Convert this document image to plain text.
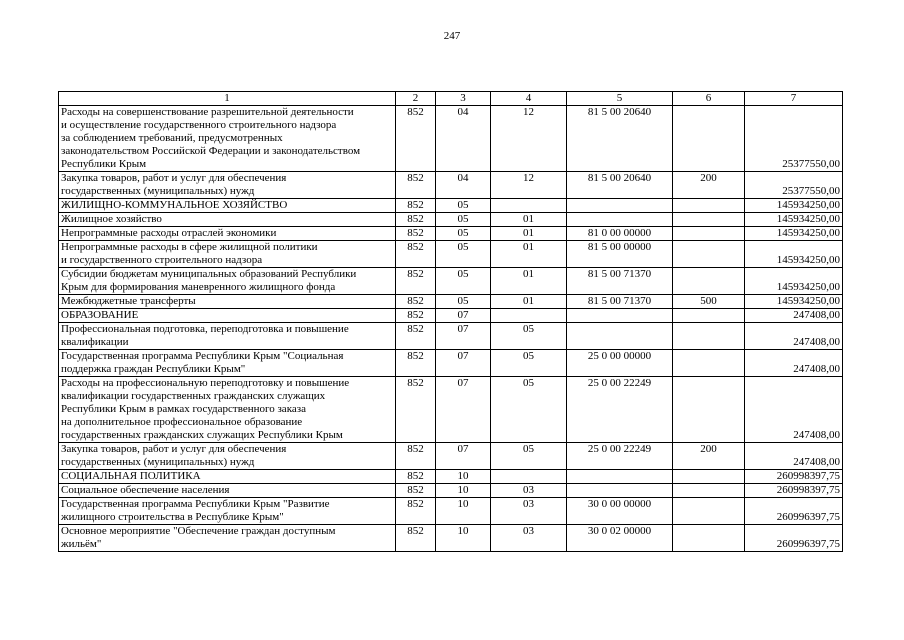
247
1	2	3	4	5	6	7
Расходы на совершенствование разрешительной деятельности
и осуществление государственного строительного надзора
за соблюдением требований, предусмотренных
законодательством Российской Федерации и законодательством
Республики Крым	852	04	12	81 5 00 20640		25377550,00
Закупка товаров, работ и услуг для обеспечения
государственных (муниципальных) нужд	852	04	12	81 5 00 20640	200	25377550,00
ЖИЛИЩНО-КОММУНАЛЬНОЕ ХОЗЯЙСТВО	852	05				145934250,00
Жилищное хозяйство	852	05	01			145934250,00
Непрограммные расходы отраслей экономики	852	05	01	81 0 00 00000		145934250,00
Непрограммные расходы в сфере жилищной политики
и государственного строительного надзора	852	05	01	81 5 00 00000		145934250,00
Субсидии бюджетам муниципальных образований Республики
Крым для формирования маневренного жилищного фонда	852	05	01	81 5 00 71370		145934250,00
Межбюджетные трансферты	852	05	01	81 5 00 71370	500	145934250,00
ОБРАЗОВАНИЕ	852	07				247408,00
Профессиональная подготовка, переподготовка и повышение
квалификации	852	07	05			247408,00
Государственная программа Республики Крым "Социальная
поддержка граждан Республики Крым"	852	07	05	25 0 00 00000		247408,00
Расходы на профессиональную переподготовку и повышение
квалификации государственных гражданских служащих
Республики Крым в рамках государственного заказа
на дополнительное профессиональное образование
государственных гражданских служащих Республики Крым	852	07	05	25 0 00 22249		247408,00
Закупка товаров, работ и услуг для обеспечения
государственных (муниципальных) нужд	852	07	05	25 0 00 22249	200	247408,00
СОЦИАЛЬНАЯ ПОЛИТИКА	852	10				260998397,75
Социальное обеспечение населения	852	10	03			260998397,75
Государственная программа Республики Крым "Развитие
жилищного строительства в Республике Крым"	852	10	03	30 0 00 00000		260996397,75
Основное мероприятие "Обеспечение граждан доступным
жильём"	852	10	03	30 0 02 00000		260996397,75
